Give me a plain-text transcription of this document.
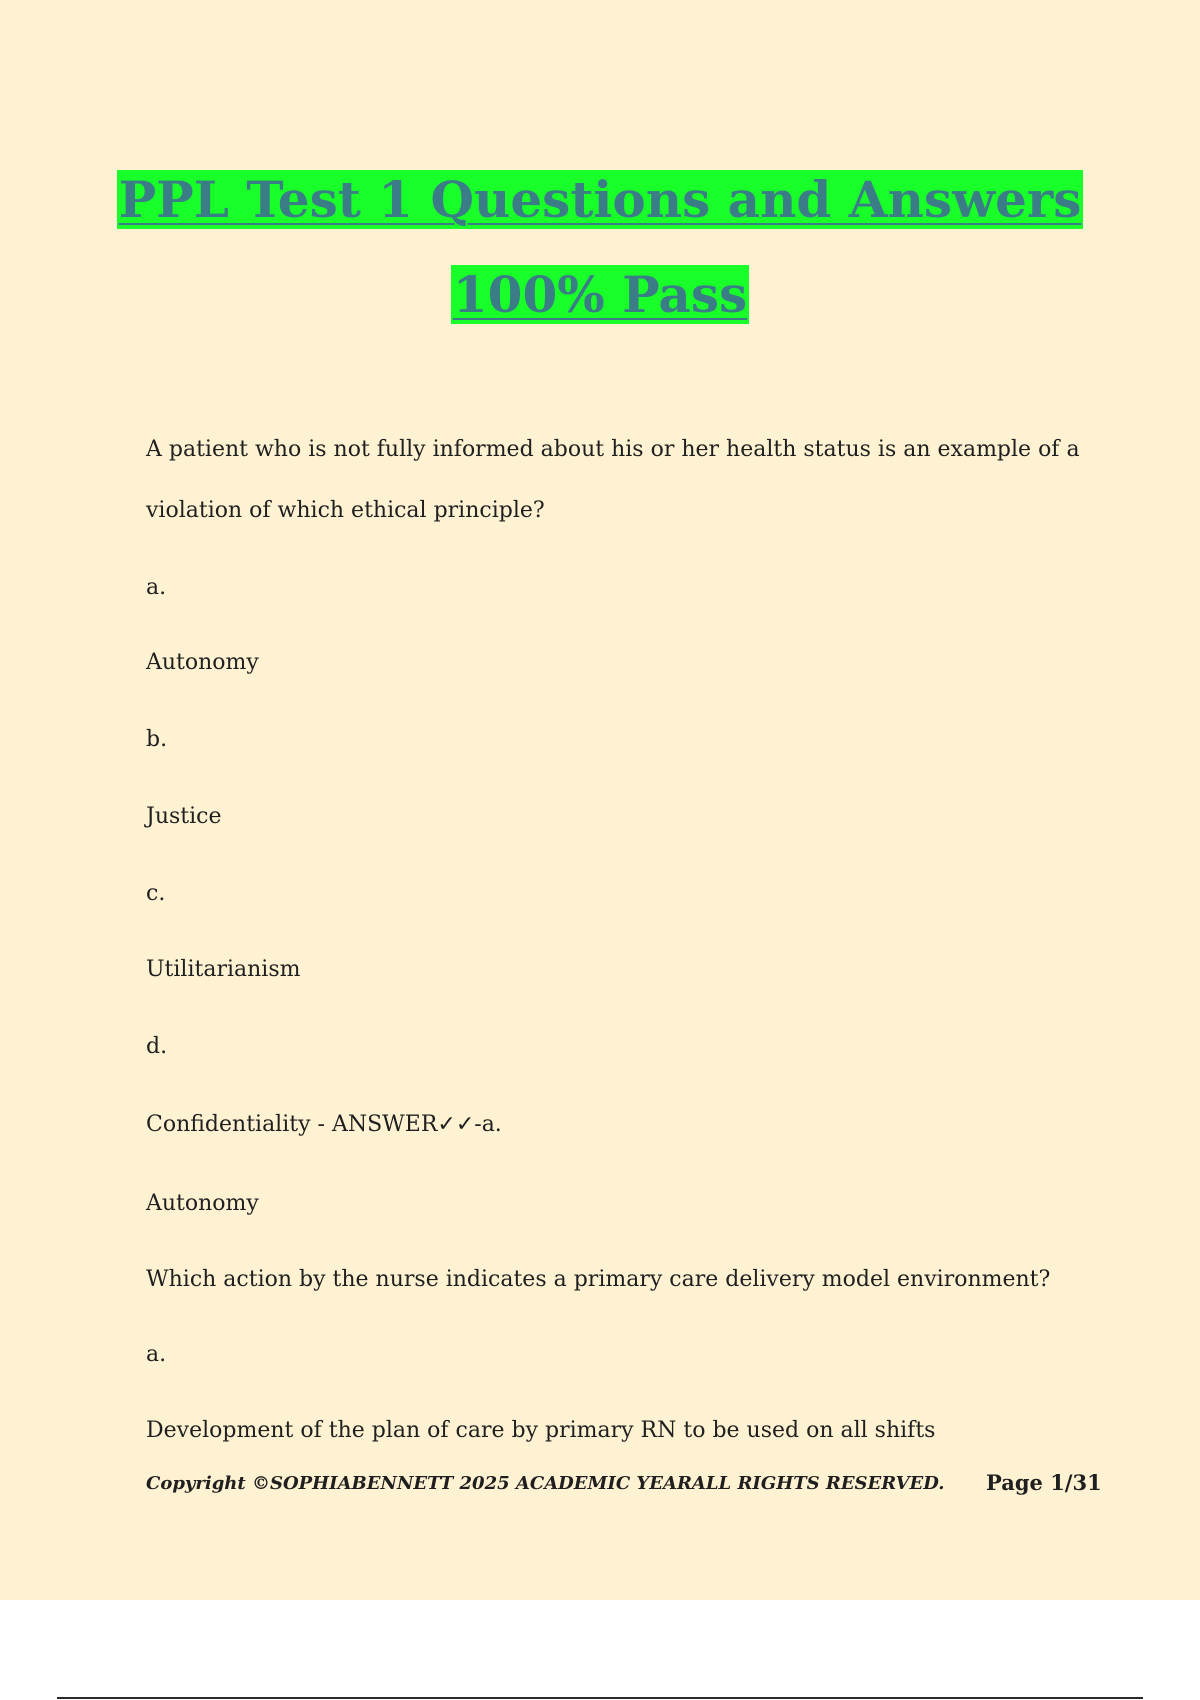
PPL Test 1 Questions and Answers
100% Pass
A patient who is not fully informed about his or her health status is an example of a
violation of which ethical principle?
a.
Autonomy
b.
Justice
c.
Utilitarianism
d.
Confidentiality - ANSWER✓✓-a.
Autonomy
Which action by the nurse indicates a primary care delivery model environment?
a.
Development of the plan of care by primary RN to be used on all shifts
Copyright ©SOPHIABENNETT 2025 ACADEMIC YEARALL RIGHTS RESERVED. Page 1/31
